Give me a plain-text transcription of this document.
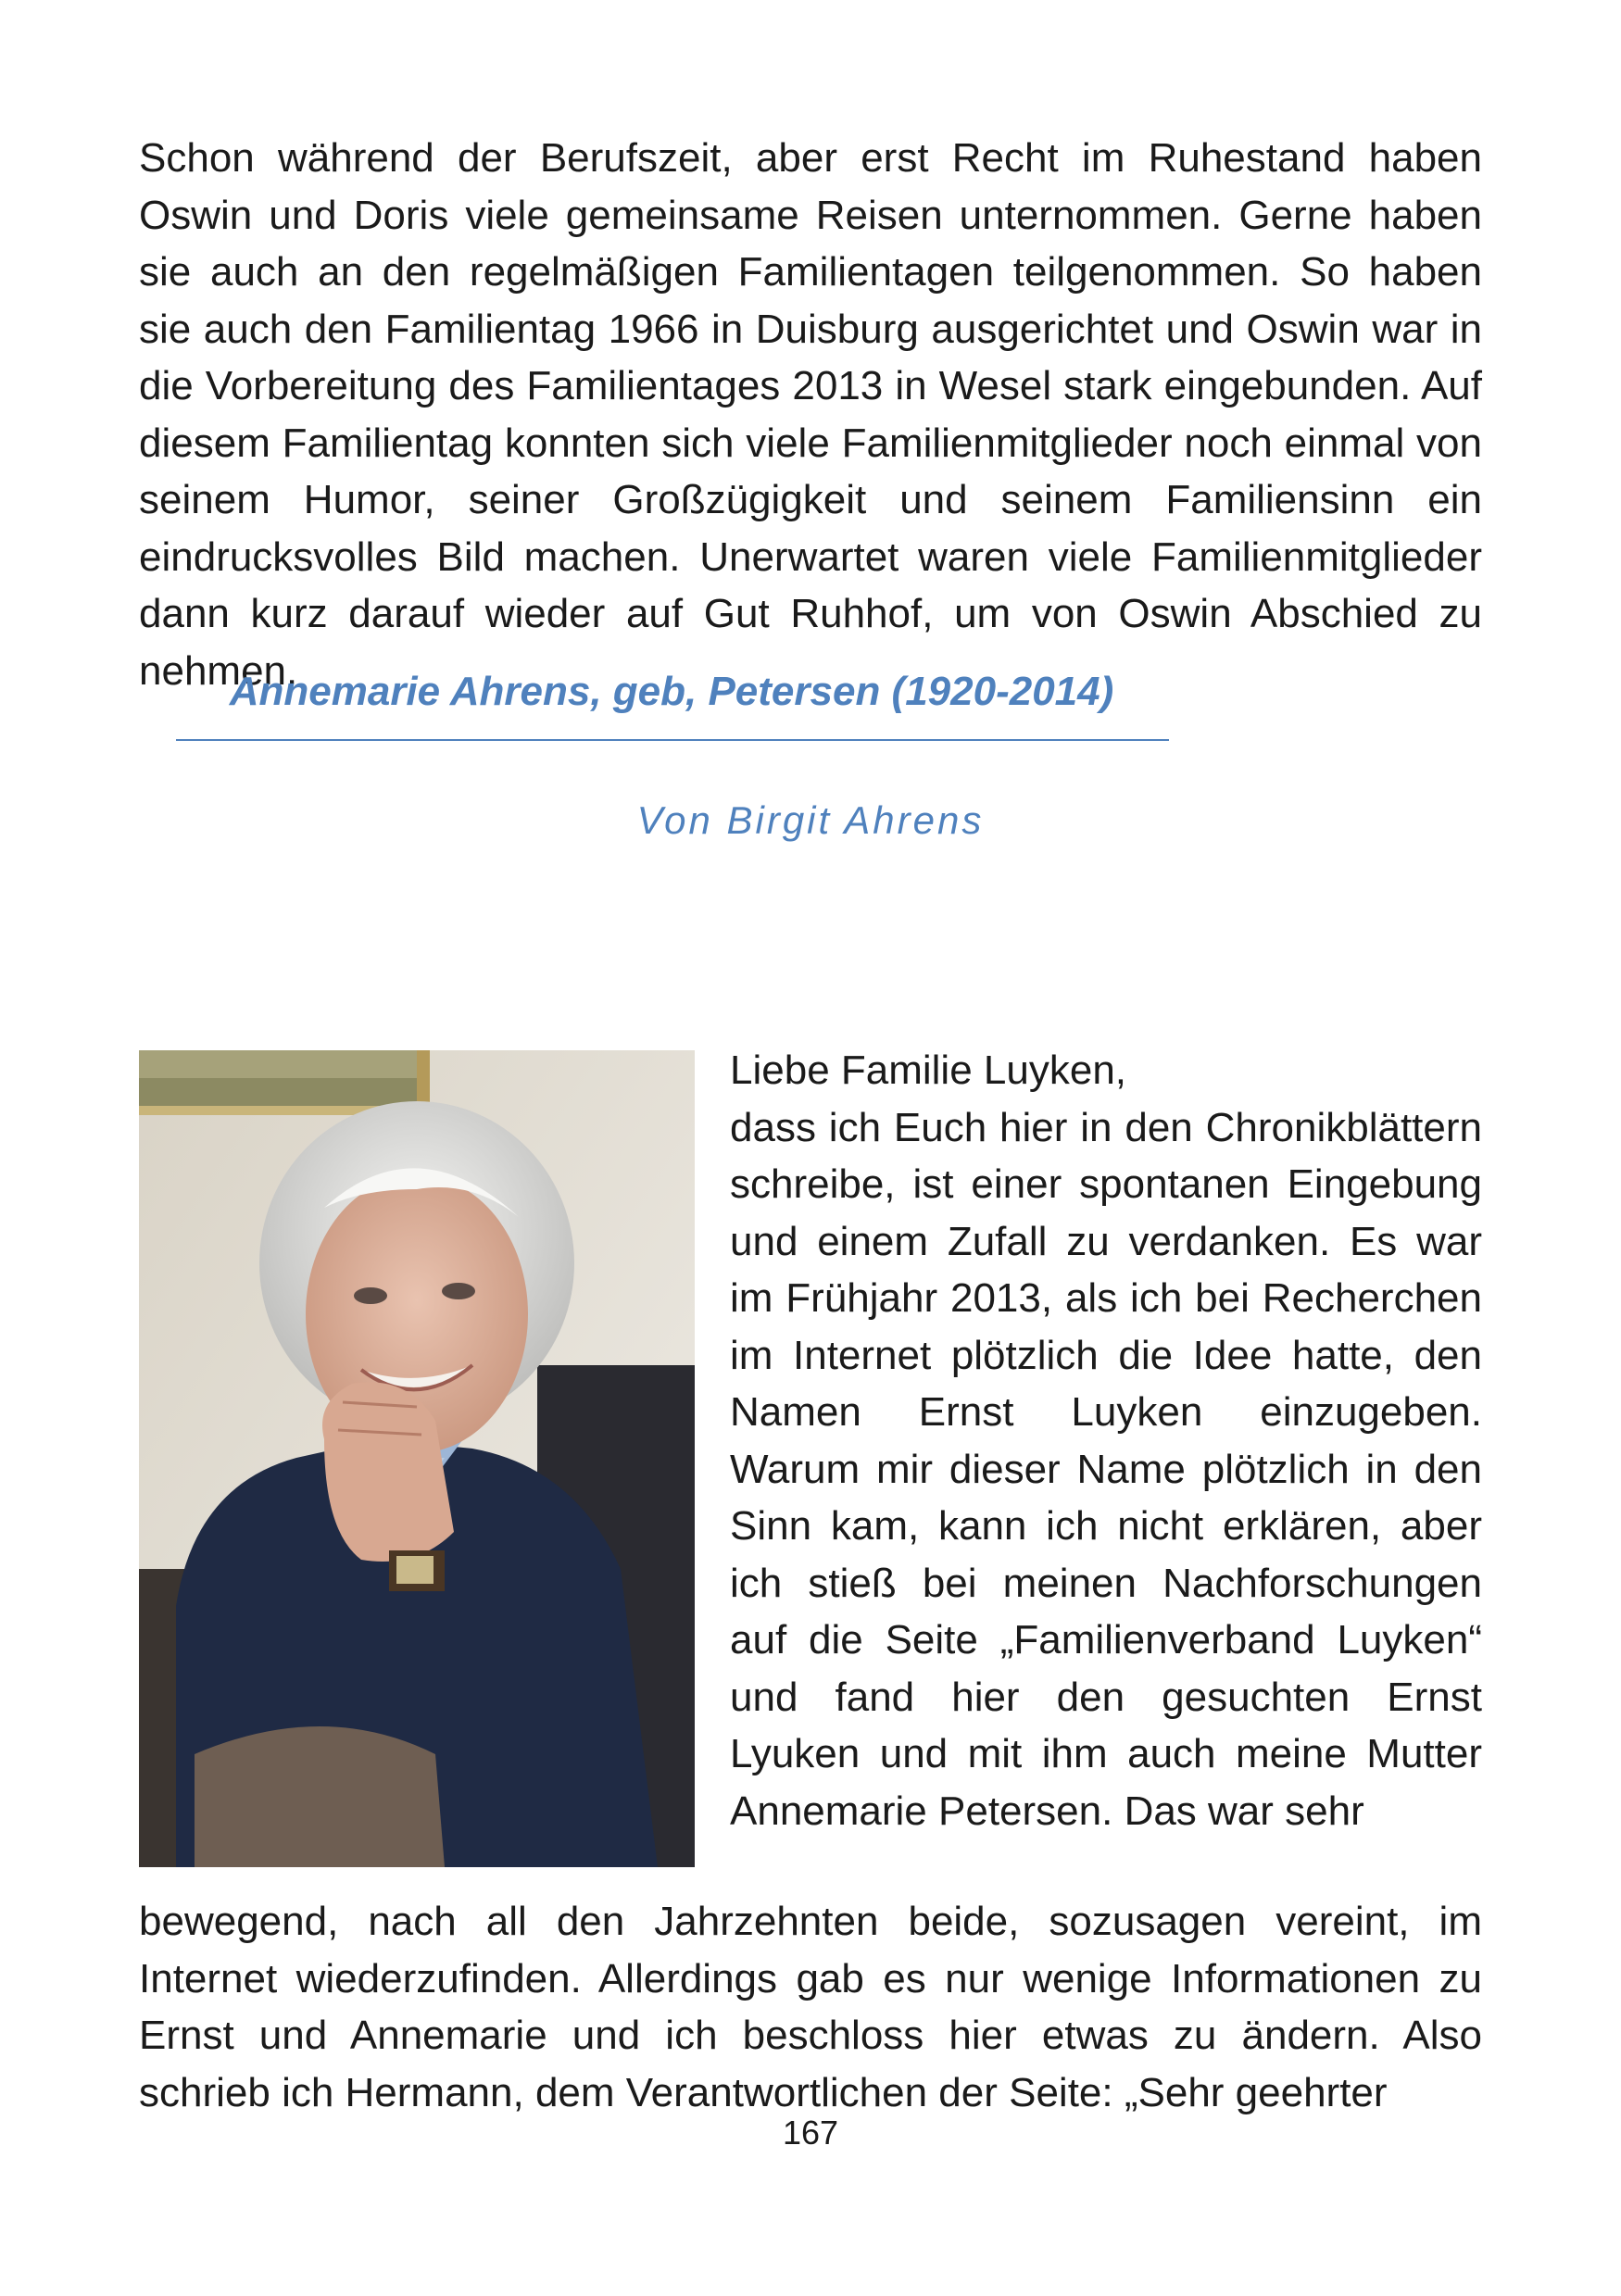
Schon während der Berufszeit, aber erst Recht im Ruhestand haben Oswin und Doris viele gemeinsame Reisen unternommen. Gerne haben sie auch an den regelmäßigen Familientagen teilgenommen. So haben sie auch den Familientag 1966 in Duisburg ausgerichtet und Oswin war in die Vorbereitung des Familientages 2013 in Wesel stark eingebunden. Auf diesem Familientag konnten sich viele Familienmitglieder noch einmal von seinem Humor, seiner Großzügigkeit und seinem Familiensinn ein eindrucksvolles Bild machen. Unerwartet waren viele Familienmitglieder dann kurz darauf wieder auf Gut Ruhhof, um von Oswin Abschied zu nehmen.

Annemarie Ahrens, geb, Petersen (1920-2014)

Von Birgit Ahrens

Liebe Familie Luyken,

dass ich Euch hier in den Chronikblättern schreibe, ist einer spontanen Eingebung und einem Zufall zu verdanken. Es war im Frühjahr 2013, als ich bei Recherchen im Internet plötzlich die Idee hatte, den Namen Ernst Luyken einzugeben. Warum mir dieser Name plötzlich in den Sinn kam, kann ich nicht erklären, aber ich stieß bei meinen Nachforschungen auf die Seite „Familienverband Luyken“ und fand hier den gesuchten Ernst Lyuken und mit ihm auch meine Mutter Annemarie Petersen. Das war sehr

bewegend, nach all den Jahrzehnten beide, sozusagen vereint, im Internet wiederzufinden. Allerdings gab es nur wenige Informationen zu Ernst und Annemarie und ich beschloss hier etwas zu ändern. Also schrieb ich Hermann, dem Verantwortlichen der Seite: „Sehr geehrter

167
